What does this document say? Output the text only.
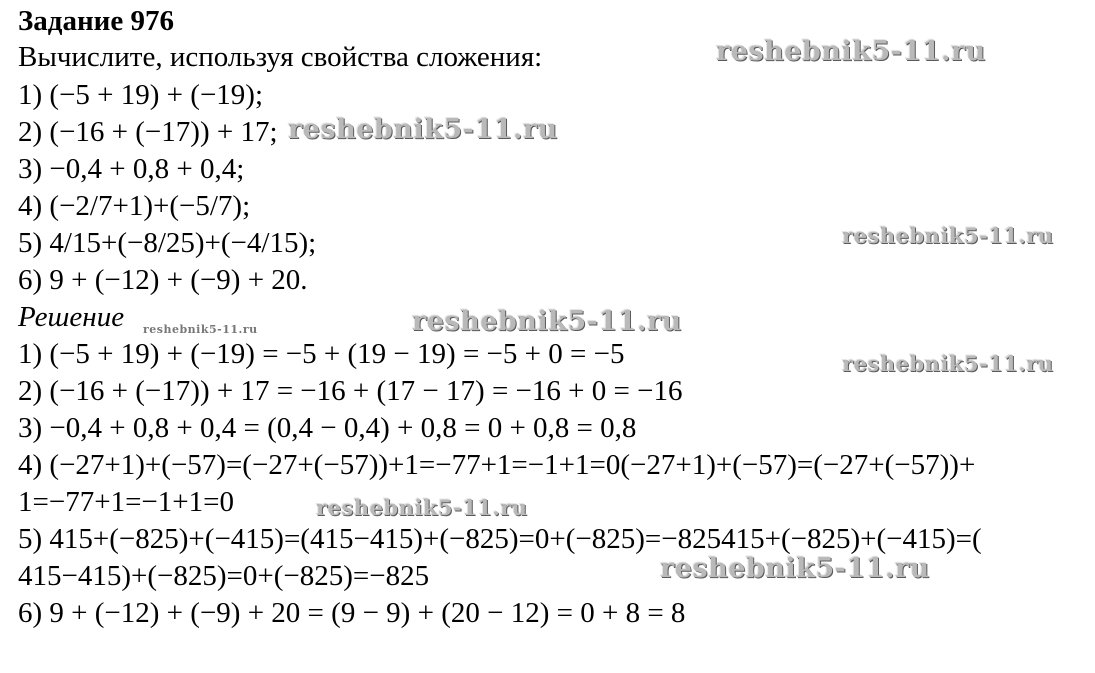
Задание 976
Вычислите, используя свойства сложения:
1) (−5 + 19) + (−19);
2) (−16 + (−17)) + 17;
3) −0,4 + 0,8 + 0,4;
4) (−2/7+1)+(−5/7);
5) 4/15+(−8/25)+(−4/15);
6) 9 + (−12) + (−9) + 20.
Решение
1) (−5 + 19) + (−19) = −5 + (19 − 19) = −5 + 0 = −5
2) (−16 + (−17)) + 17 = −16 + (17 − 17) = −16 + 0 = −16
3) −0,4 + 0,8 + 0,4 = (0,4 − 0,4) + 0,8 = 0 + 0,8 = 0,8
4) (−27+1)+(−57)=(−27+(−57))+1=−77+1=−1+1=0(−27+1)+(−57)=(−27+(−57))+
1=−77+1=−1+1=0
5) 415+(−825)+(−415)=(415−415)+(−825)=0+(−825)=−825415+(−825)+(−415)=(
415−415)+(−825)=0+(−825)=−825
6) 9 + (−12) + (−9) + 20 = (9 − 9) + (20 − 12) = 0 + 8 = 8
reshebnik5-11.ru
reshebnik5-11.ru
reshebnik5-11.ru
reshebnik5-11.ru	reshebnik5-11.ru
reshebnik5-11.ru
reshebnik5-11.ru
reshebnik5-11.ru
